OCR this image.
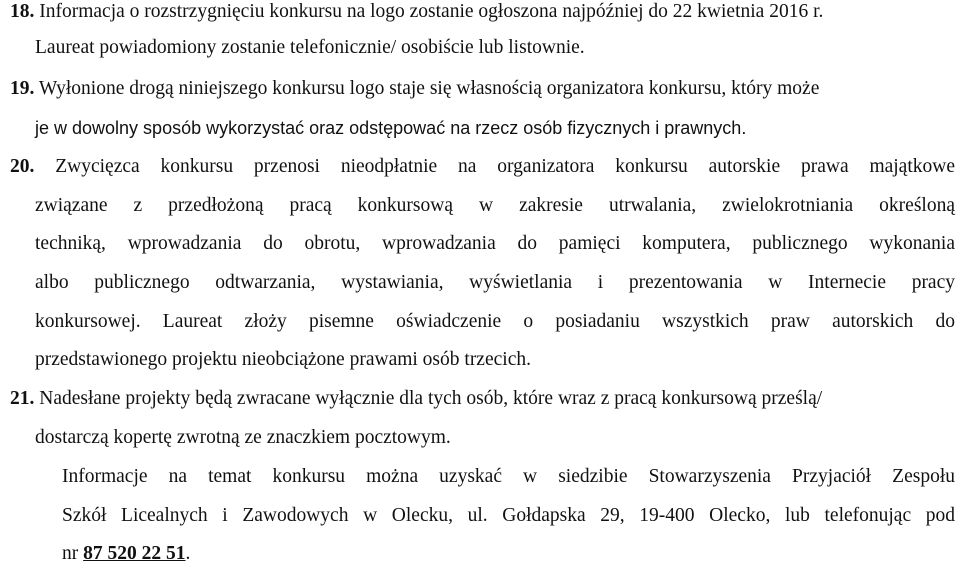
18. Informacja o rozstrzygnięciu konkursu na logo zostanie ogłoszona najpóźniej do 22 kwietnia 2016 r.
Laureat powiadomiony zostanie telefonicznie/ osobiście lub listownie.
19. Wyłonione drogą niniejszego konkursu logo staje się własnością organizatora konkursu, który może
je w dowolny sposób wykorzystać oraz odstępować na rzecz osób fizycznych i prawnych.
20. Zwycięzca konkursu przenosi nieodpłatnie na organizatora konkursu autorskie prawa majątkowe
związane z przedłożoną pracą konkursową w zakresie utrwalania, zwielokrotniania określoną
techniką, wprowadzania do obrotu, wprowadzania do pamięci komputera, publicznego wykonania
albo publicznego odtwarzania, wystawiania, wyświetlania i prezentowania w Internecie pracy
konkursowej. Laureat złoży pisemne oświadczenie o posiadaniu wszystkich praw autorskich do
przedstawionego projektu nieobciążone prawami osób trzecich.
21. Nadesłane projekty będą zwracane wyłącznie dla tych osób, które wraz z pracą konkursową prześlą/
dostarczą kopertę zwrotną ze znaczkiem pocztowym.
Informacje na temat konkursu można uzyskać w siedzibie Stowarzyszenia Przyjaciół Zespołu
Szkół Licealnych i Zawodowych w Olecku, ul. Gołdapska 29, 19-400 Olecko, lub telefonując pod
nr 87 520 22 51.
